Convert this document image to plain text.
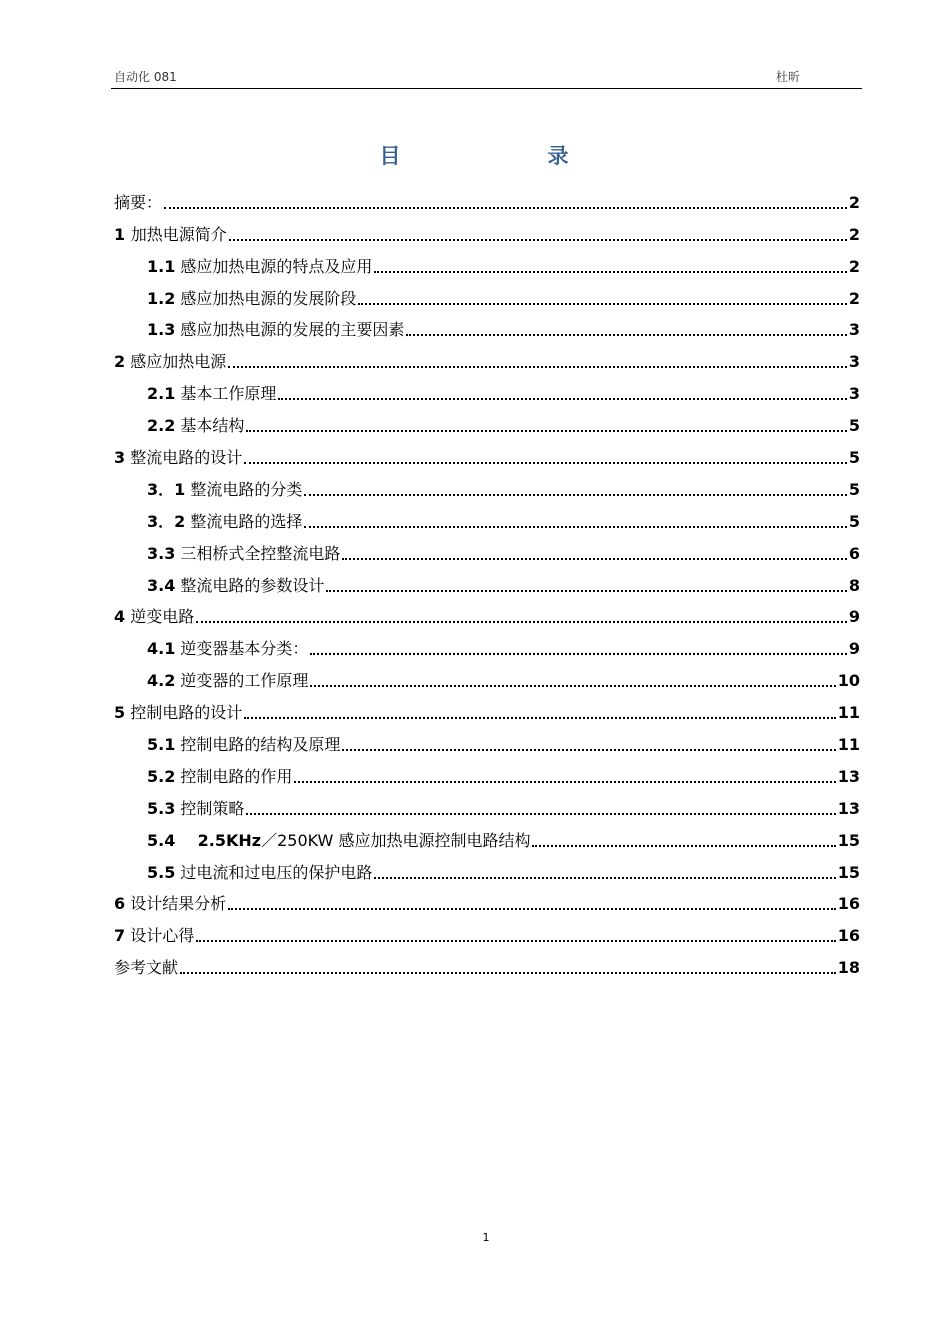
自动化 081	杜昕
目	录
摘要：	2
1 加热电源简介	2
1.1 感应加热电源的特点及应用	2
1.2 感应加热电源的发展阶段	2
1.3 感应加热电源的发展的主要因素	3
2 感应加热电源	3
2.1 基本工作原理	3
2.2 基本结构	5
3 整流电路的设计	5
3．1 整流电路的分类	5
3．2 整流电路的选择	5
3.3 三相桥式全控整流电路	6
3.4 整流电路的参数设计	8
4 逆变电路	9
4.1 逆变器基本分类：	9
4.2 逆变器的工作原理	10
5 控制电路的设计	11
5.1 控制电路的结构及原理	11
5.2 控制电路的作用	13
5.3 控制策略	13
5.4    2.5KHz／250KW 感应加热电源控制电路结构	15
5.5 过电流和过电压的保护电路	15
6 设计结果分析	16
7 设计心得	16
参考文献	18
1
